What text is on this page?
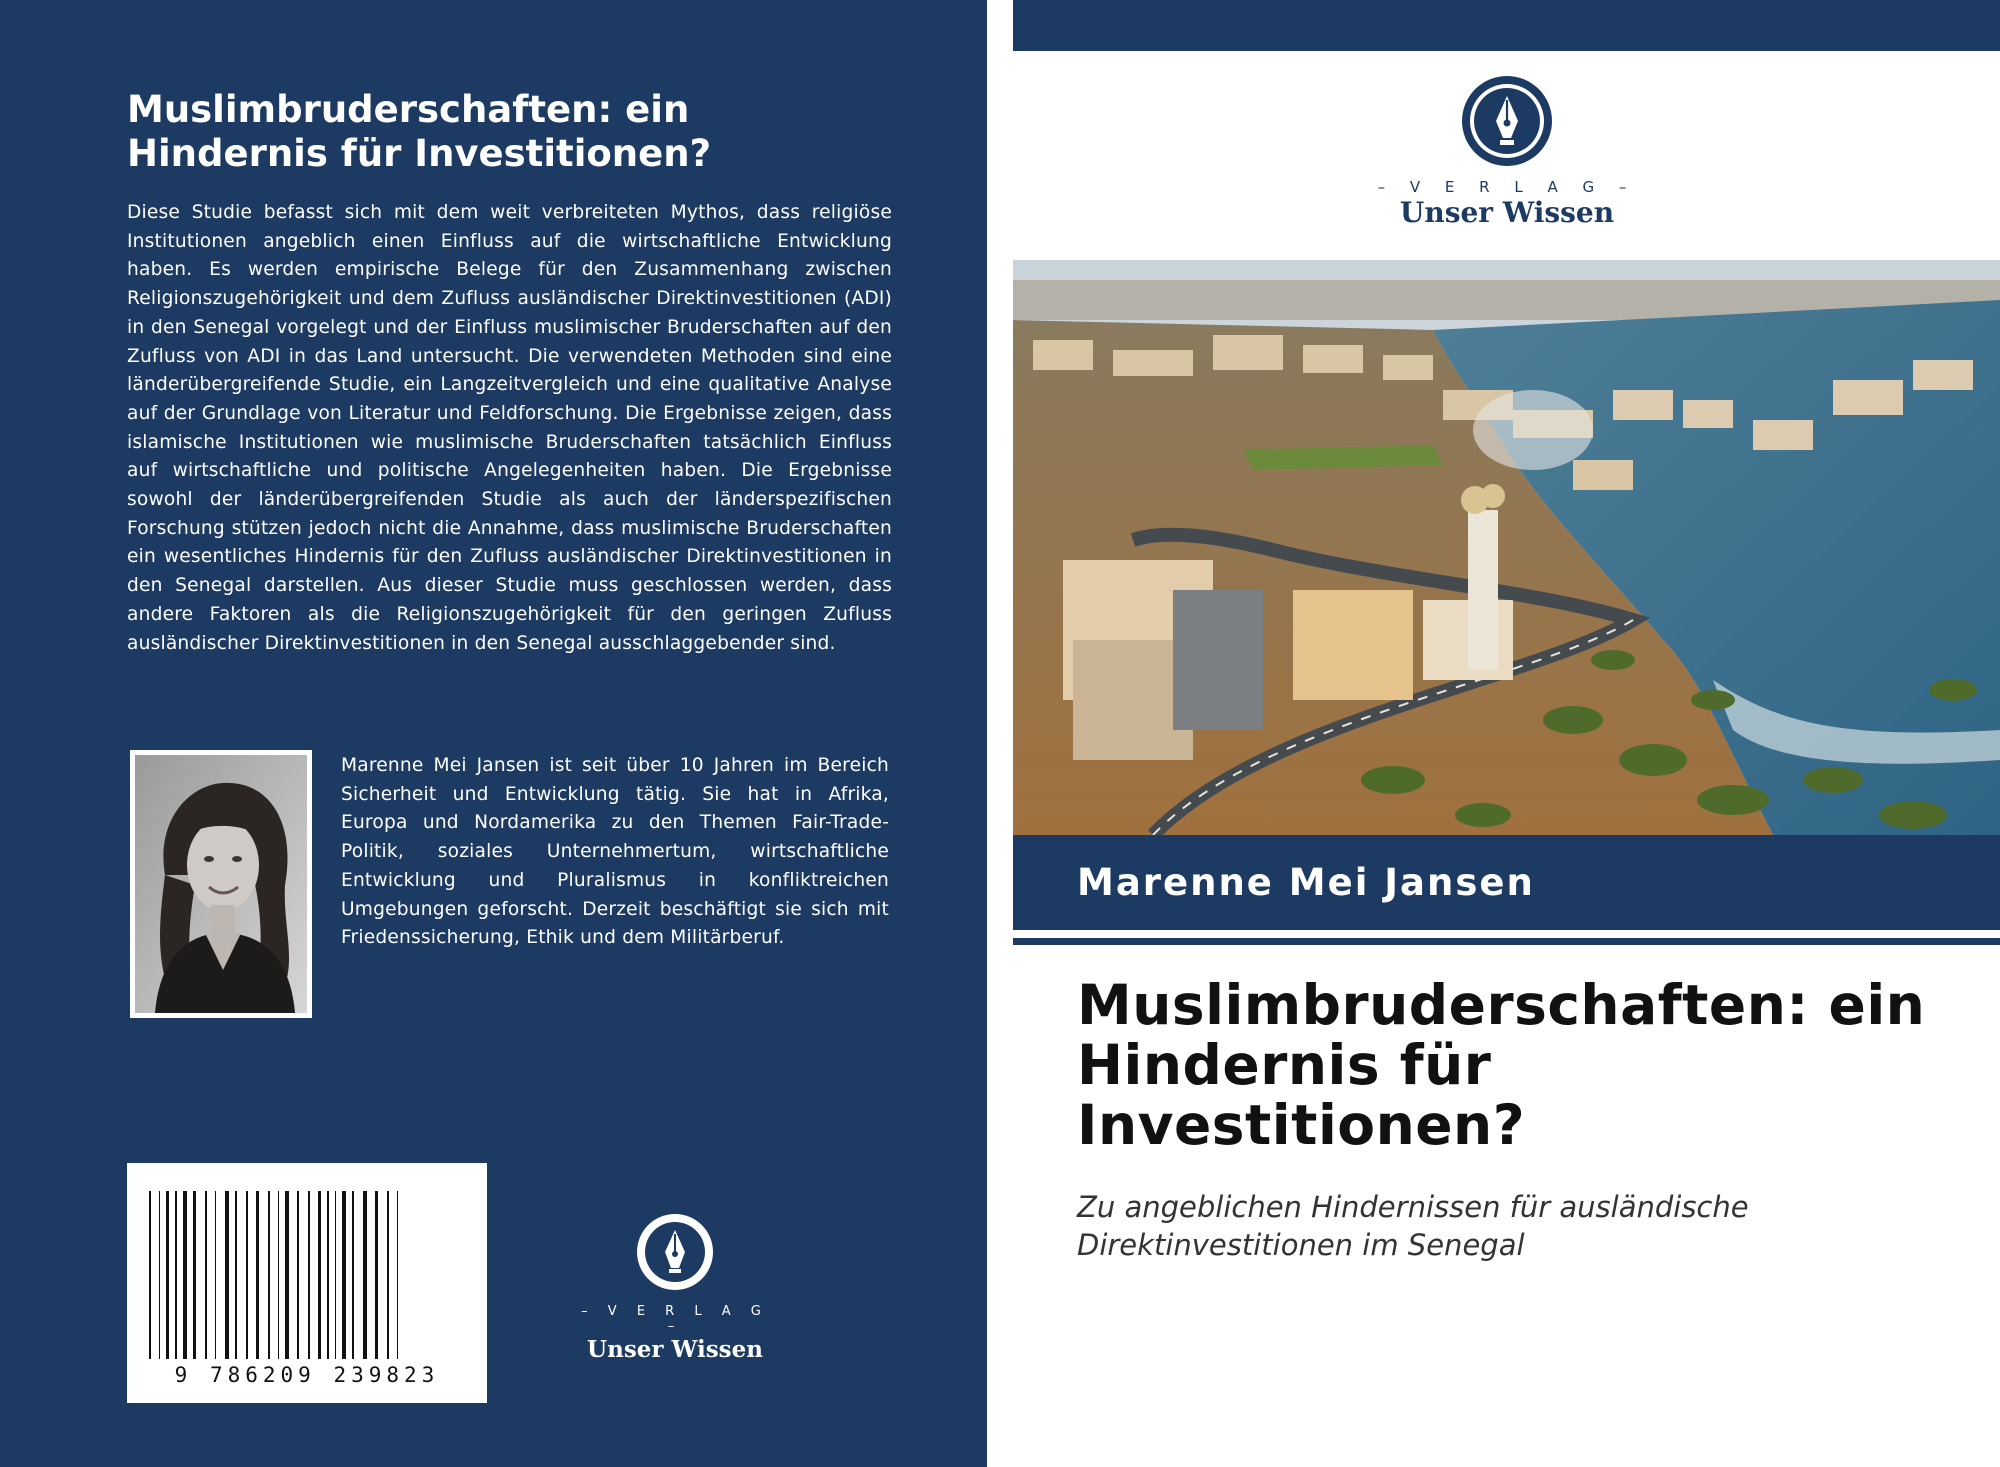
Muslimbruderschaften: ein Hindernis für Investitionen?

Diese Studie befasst sich mit dem weit verbreiteten Mythos, dass religiöse Institutionen angeblich einen Einfluss auf die wirtschaftliche Entwicklung haben. Es werden empirische Belege für den Zusammenhang zwischen Religionszugehörigkeit und dem Zufluss ausländischer Direktinvestitionen (ADI) in den Senegal vorgelegt und der Einfluss muslimischer Bruderschaften auf den Zufluss von ADI in das Land untersucht. Die verwendeten Methoden sind eine länderübergreifende Studie, ein Langzeitvergleich und eine qualitative Analyse auf der Grundlage von Literatur und Feldforschung. Die Ergebnisse zeigen, dass islamische Institutionen wie muslimische Bruderschaften tatsächlich Einfluss auf wirtschaftliche und politische Angelegenheiten haben. Die Ergebnisse sowohl der länderübergreifenden Studie als auch der länderspezifischen Forschung stützen jedoch nicht die Annahme, dass muslimische Bruderschaften ein wesentliches Hindernis für den Zufluss ausländischer Direktinvestitionen in den Senegal darstellen. Aus dieser Studie muss geschlossen werden, dass andere Faktoren als die Religionszugehörigkeit für den geringen Zufluss ausländischer Direktinvestitionen in den Senegal ausschlaggebender sind.

Marenne Mei Jansen ist seit über 10 Jahren im Bereich Sicherheit und Entwicklung tätig. Sie hat in Afrika, Europa und Nordamerika zu den Themen Fair-Trade-Politik, soziales Unternehmertum, wirtschaftliche Entwicklung und Pluralismus in konfliktreichen Umgebungen geforscht. Derzeit beschäftigt sie sich mit Friedenssicherung, Ethik und dem Militärberuf.

9 786209 239823
– V E R L A G –
Unser Wissen
– V E R L A G –
Unser Wissen
Marenne Mei Jansen
Muslimbruderschaften: ein Hindernis für Investitionen?
Zu angeblichen Hindernissen für ausländische Direktinvestitionen im Senegal
